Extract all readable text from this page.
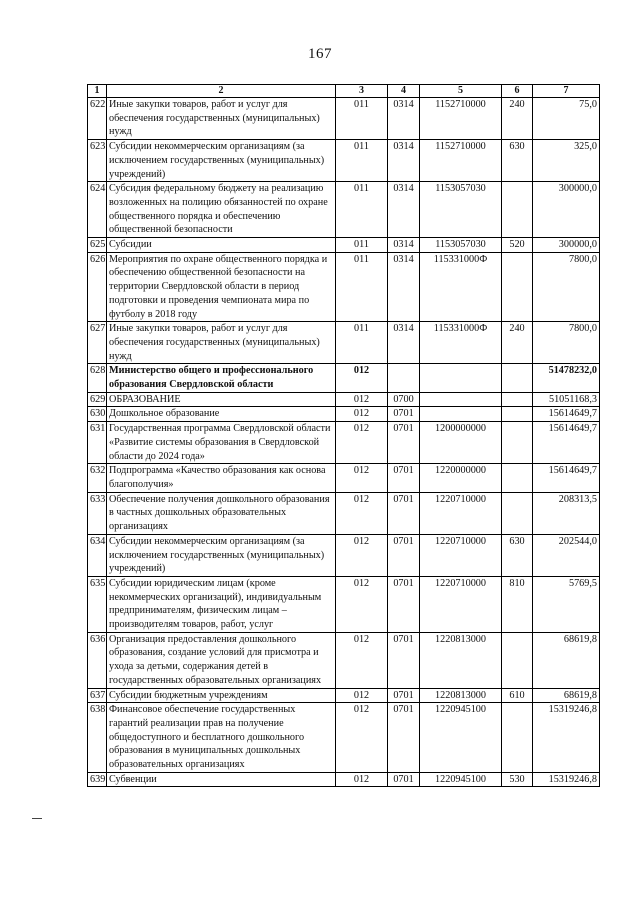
167
1	2	3	4	5	6	7
622	Иные закупки товаров, работ и услуг для обеспечения государственных (муниципальных) нужд	011	0314	1152710000	240	75,0
623	Субсидии некоммерческим организациям (за исключением государственных (муниципальных) учреждений)	011	0314	1152710000	630	325,0
624	Субсидия федеральному бюджету на реализацию возложенных на полицию обязанностей по охране общественного порядка и обеспечению общественной безопасности	011	0314	1153057030		300000,0
625	Субсидии	011	0314	1153057030	520	300000,0
626	Мероприятия по охране общественного порядка и обеспечению общественной безопасности на территории Свердловской области в период подготовки и проведения чемпионата мира по футболу в 2018 году	011	0314	115331000Ф		7800,0
627	Иные закупки товаров, работ и услуг для обеспечения государственных (муниципальных) нужд	011	0314	115331000Ф	240	7800,0
628	Министерство общего и профессионального образования Свердловской области	012				51478232,0
629	ОБРАЗОВАНИЕ	012	0700			51051168,3
630	Дошкольное образование	012	0701			15614649,7
631	Государственная программа Свердловской области «Развитие системы образования в Свердловской области до 2024 года»	012	0701	1200000000		15614649,7
632	Подпрограмма «Качество образования как основа благополучия»	012	0701	1220000000		15614649,7
633	Обеспечение получения дошкольного образования в частных дошкольных образовательных организациях	012	0701	1220710000		208313,5
634	Субсидии некоммерческим организациям (за исключением государственных (муниципальных) учреждений)	012	0701	1220710000	630	202544,0
635	Субсидии юридическим лицам (кроме некоммерческих организаций), индивидуальным предпринимателям, физическим лицам – производителям товаров, работ, услуг	012	0701	1220710000	810	5769,5
636	Организация предоставления дошкольного образования, создание условий для присмотра и ухода за детьми, содержания детей в государственных образовательных организациях	012	0701	1220813000		68619,8
637	Субсидии бюджетным учреждениям	012	0701	1220813000	610	68619,8
638	Финансовое обеспечение государственных гарантий реализации прав на получение общедоступного и бесплатного дошкольного образования в муниципальных дошкольных образовательных организациях	012	0701	1220945100		15319246,8
639	Субвенции	012	0701	1220945100	530	15319246,8
